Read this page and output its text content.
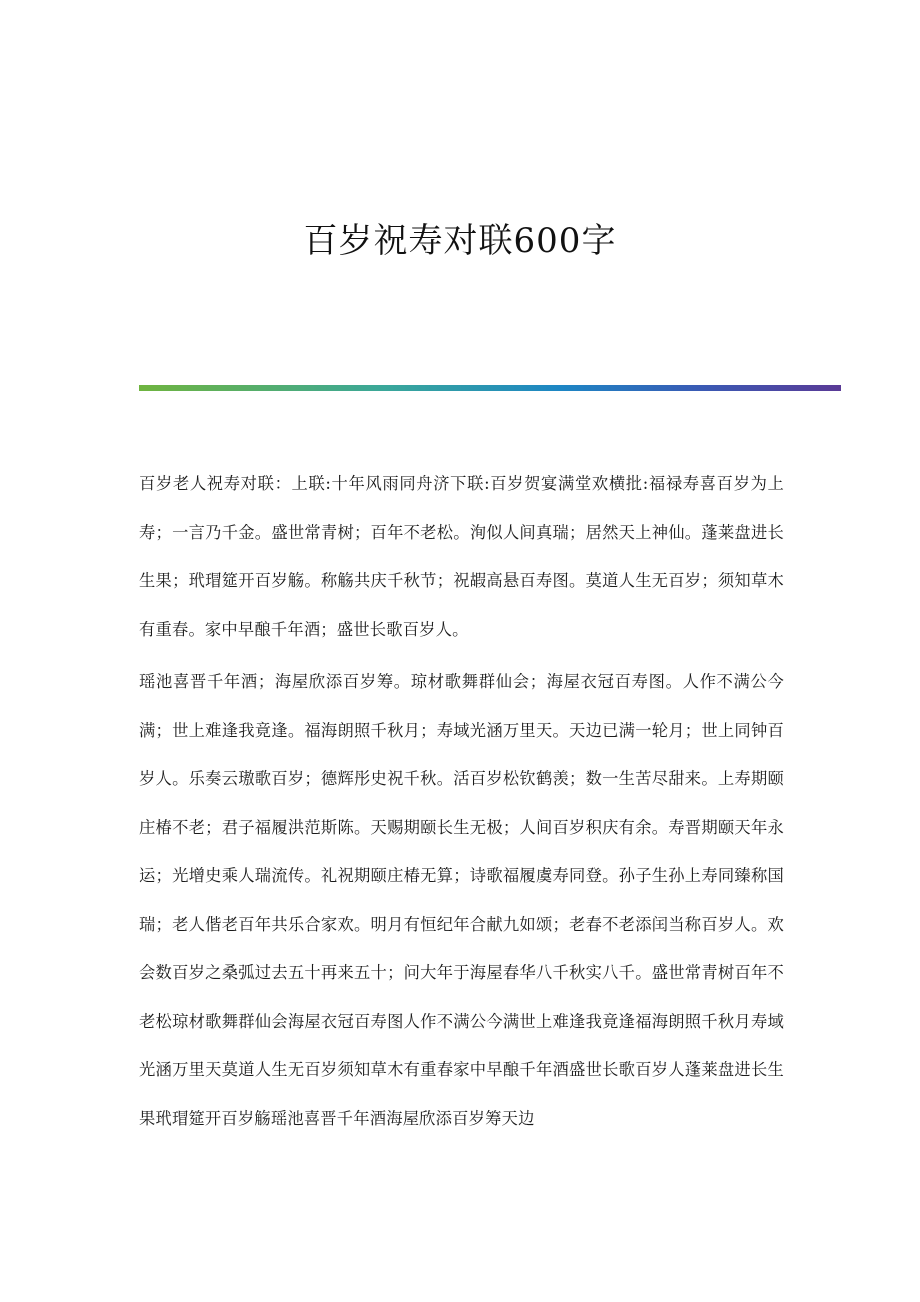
百岁祝寿对联600字

百岁老人祝寿对联：上联:十年风雨同舟济下联:百岁贺宴满堂欢横批:福禄寿喜百岁为上寿；一言乃千金。盛世常青树；百年不老松。洵似人间真瑞；居然天上神仙。蓬莱盘进长生果；玳瑁筵开百岁觞。称觞共庆千秋节；祝嘏高悬百寿图。莫道人生无百岁；须知草木有重春。家中早酿千年酒；盛世长歌百岁人。

瑶池喜晋千年酒；海屋欣添百岁筹。琼材歌舞群仙会；海屋衣冠百寿图。人作不满公今满；世上难逢我竟逢。福海朗照千秋月；寿域光涵万里天。天边已满一轮月；世上同钟百岁人。乐奏云璈歌百岁；德辉彤史祝千秋。活百岁松钦鹤羡；数一生苦尽甜来。上寿期颐庄椿不老；君子福履洪范斯陈。天赐期颐长生无极；人间百岁积庆有余。寿晋期颐天年永运；光增史乘人瑞流传。礼祝期颐庄椿无算；诗歌福履虞寿同登。孙子生孙上寿同臻称国瑞；老人偕老百年共乐合家欢。明月有恒纪年合献九如颂；老春不老添闰当称百岁人。欢会数百岁之桑弧过去五十再来五十；问大年于海屋春华八千秋实八千。盛世常青树百年不老松琼材歌舞群仙会海屋衣冠百寿图人作不满公今满世上难逢我竟逢福海朗照千秋月寿域光涵万里天莫道人生无百岁须知草木有重春家中早酿千年酒盛世长歌百岁人蓬莱盘进长生果玳瑁筵开百岁觞瑶池喜晋千年酒海屋欣添百岁筹天边
